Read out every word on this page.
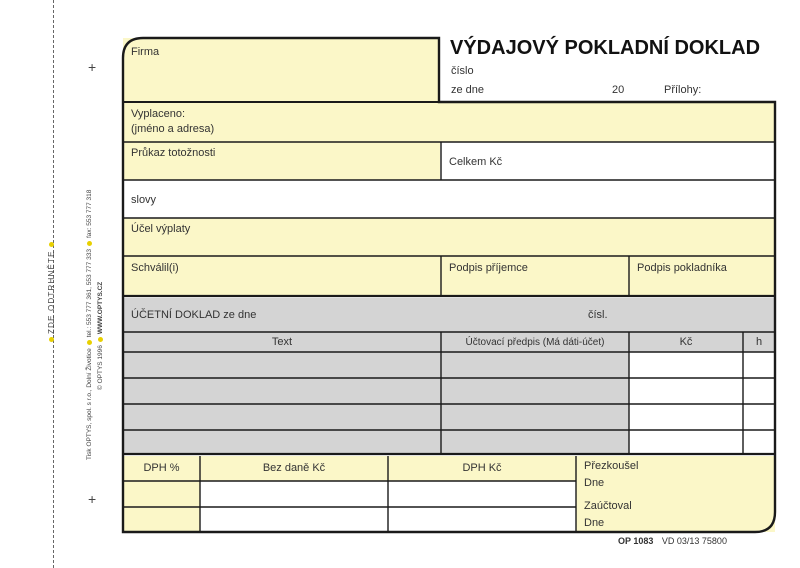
+
+
Tisk OPTYS, spol. s r.o., Dolní Životicetel.: 553 777 361, 553 777 333fax: 553 777 318
© OPTYS 1996WWW.OPTYS.CZ
ZDE ODTRHNĚTE
VÝDAJOVÝ POKLADNÍ DOKLAD
číslo
ze dne	20	Přílohy:
Firma
Vyplaceno:
(jméno a adresa)
Průkaz totožnosti
Celkem Kč
slovy
Účel výplaty
Schválil(i)	Podpis příjemce	Podpis pokladníka
ÚČETNÍ DOKLAD ze dne	čísl.
Text	Účtovací předpis (Má dáti-účet)	Kč	h
DPH %	Bez daně Kč	DPH Kč	Přezkoušel
Dne
Zaúčtoval
Dne
OP 1083 VD 03/13 75800
